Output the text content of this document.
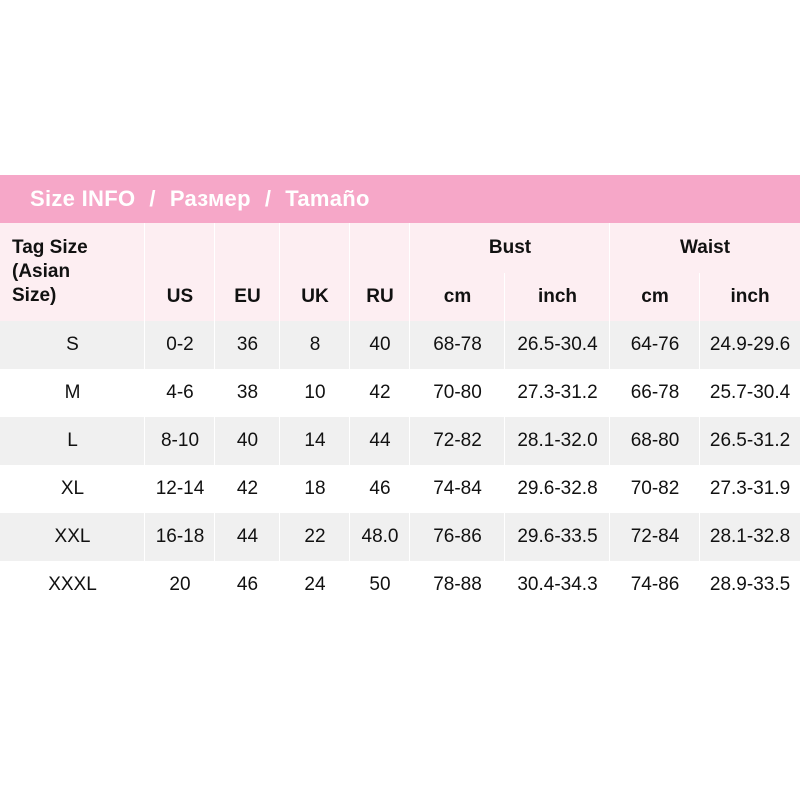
Size INFO / Размер / Tamaño								

Tag Size
(Asian
Size)					Bust		Waist	
	US	EU	UK	RU	cm	inch	cm	inch
S	0-2	36	8	40	68-78	26.5-30.4	64-76	24.9-29.6
M	4-6	38	10	42	70-80	27.3-31.2	66-78	25.7-30.4
L	8-10	40	14	44	72-82	28.1-32.0	68-80	26.5-31.2
XL	12-14	42	18	46	74-84	29.6-32.8	70-82	27.3-31.9
XXL	16-18	44	22	48.0	76-86	29.6-33.5	72-84	28.1-32.8
XXXL	20	46	24	50	78-88	30.4-34.3	74-86	28.9-33.5
